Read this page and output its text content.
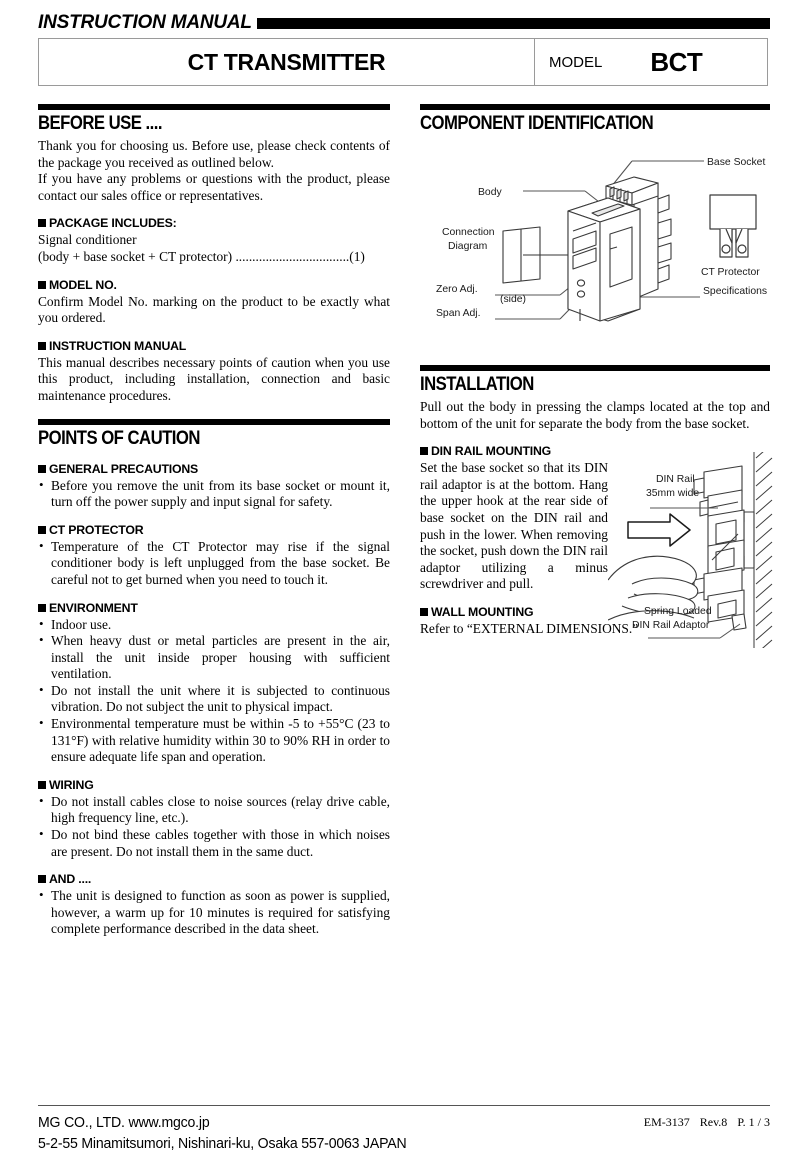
INSTRUCTION MANUAL
CT TRANSMITTER	MODEL BCT
BEFORE USE ....

Thank you for choosing us. Before use, please check contents of the package you received as outlined below.

If you have any problems or questions with the product, please contact our sales office or representatives.

PACKAGE INCLUDES:
Signal conditioner
(body + base socket + CT protector) ..................................(1)
MODEL NO.

Confirm Model No. marking on the product to be exactly what you ordered.

INSTRUCTION MANUAL

This manual describes necessary points of caution when you use this product, including installation, connection and basic maintenance procedures.

POINTS OF CAUTION
GENERAL PRECAUTIONS
• Before you remove the unit from its base socket or mount it, turn off the power supply and input signal for safety.
CT PROTECTOR
• Temperature of the CT Protector may rise if the signal conditioner body is left unplugged from the base socket. Be careful not to get burned when you need to touch it.
ENVIRONMENT
• Indoor use.
• When heavy dust or metal particles are present in the air, install the unit inside proper housing with sufficient ventilation.
• Do not install the unit where it is subjected to continuous vibration. Do not subject the unit to physical impact.
• Environmental temperature must be within -5 to +55°C (23 to 131°F) with relative humidity within 30 to 90% RH in order to ensure adequate life span and operation.
WIRING
• Do not install cables close to noise sources (relay drive cable, high frequency line, etc.).
• Do not bind these cables together with those in which noises are present. Do not install them in the same duct.
AND ....
• The unit is designed to function as soon as power is supplied, however, a warm up for 10 minutes is required for satisfying complete performance described in the data sheet.
COMPONENT IDENTIFICATION
Body
Base Socket
Connection
Diagram
(side)
Zero Adj.
Span Adj.
Specifications
CT Protector
INSTALLATION

Pull out the body in pressing the clamps located at the top and bottom of the unit for separate the body from the base socket.

DIN RAIL MOUNTING
Set the base socket so that its DIN rail adaptor is at the bottom. Hang the upper hook at the rear side of base socket on the DIN rail and push in the lower. When removing the socket, push down the DIN rail adaptor utilizing a minus screwdriver and pull.
WALL MOUNTING

Refer to “EXTERNAL DIMENSIONS.”

DIN Rail
35mm wide
Spring Loaded
DIN Rail Adaptor
MG CO., LTD. www.mgco.jp
5-2-55 Minamitsumori, Nishinari-ku, Osaka 557-0063 JAPAN
EM-3137 Rev.8 P. 1 / 3
